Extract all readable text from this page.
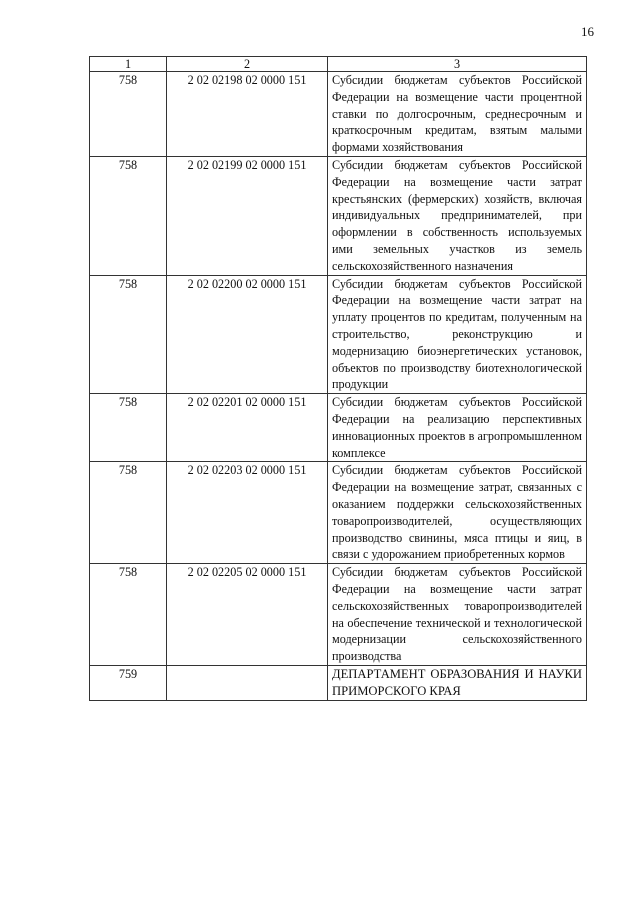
16
1	2	3
758	2 02 02198 02 0000 151	Субсидии бюджетам субъектов Российской Федерации на возмещение части процентной ставки по долгосрочным, среднесрочным и краткосрочным кредитам, взятым малыми формами хозяйствования
758	2 02 02199 02 0000 151	Субсидии бюджетам субъектов Российской Федерации на возмещение части затрат крестьянских (фермерских) хозяйств, включая индивидуальных предпринимателей, при оформлении в собственность используемых ими земельных участков из земель сельскохозяйственного назначения
758	2 02 02200 02 0000 151	Субсидии бюджетам субъектов Российской Федерации на возмещение части затрат на уплату процентов по кредитам, полученным на строительство, реконструкцию и модернизацию биоэнергетических установок, объектов по производству биотехнологической продукции
758	2 02 02201 02 0000 151	Субсидии бюджетам субъектов Российской Федерации на реализацию перспективных инновационных проектов в агропромышленном комплексе
758	2 02 02203 02 0000 151	Субсидии бюджетам субъектов Российской Федерации на возмещение затрат, связанных с оказанием поддержки сельскохозяйственных товаропроизводителей, осуществляющих производство свинины, мяса птицы и яиц, в связи с удорожанием приобретенных кормов
758	2 02 02205 02 0000 151	Субсидии бюджетам субъектов Российской Федерации на возмещение части затрат сельскохозяйственных товаропроизводителей на обеспечение технической и технологической модернизации сельскохозяйственного производства
759		ДЕПАРТАМЕНТ ОБРАЗОВАНИЯ И НАУКИ ПРИМОРСКОГО КРАЯ
